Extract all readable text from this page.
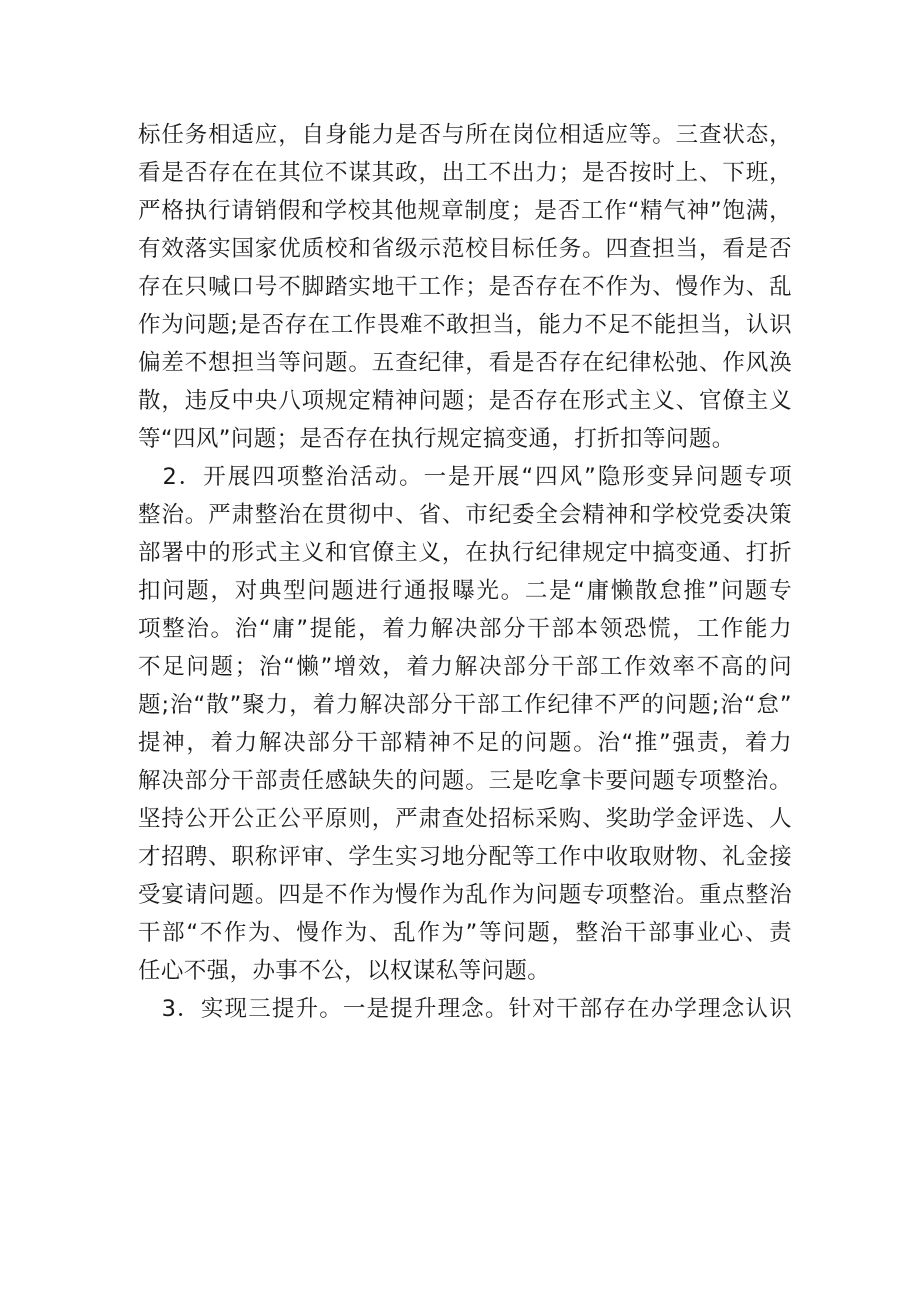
标任务相适应，自身能力是否与所在岗位相适应等。三查状态，
看是否存在在其位不谋其政，出工不出力；是否按时上、下班，
严格执行请销假和学校其他规章制度；是否工作“精气神”饱满，
有效落实国家优质校和省级示范校目标任务。四查担当，看是否
存在只喊口号不脚踏实地干工作；是否存在不作为、慢作为、乱
作为问题;是否存在工作畏难不敢担当，能力不足不能担当，认识
偏差不想担当等问题。五查纪律，看是否存在纪律松弛、作风涣
散，违反中央八项规定精神问题；是否存在形式主义、官僚主义
等“四风”问题；是否存在执行规定搞变通，打折扣等问题。
　2．开展四项整治活动。一是开展“四风”隐形变异问题专项
整治。严肃整治在贯彻中、省、市纪委全会精神和学校党委决策
部署中的形式主义和官僚主义，在执行纪律规定中搞变通、打折
扣问题，对典型问题进行通报曝光。二是“庸懒散怠推”问题专
项整治。治“庸”提能，着力解决部分干部本领恐慌，工作能力
不足问题；治“懒”增效，着力解决部分干部工作效率不高的问
题;治“散”聚力，着力解决部分干部工作纪律不严的问题;治“怠”
提神，着力解决部分干部精神不足的问题。治“推”强责，着力
解决部分干部责任感缺失的问题。三是吃拿卡要问题专项整治。
坚持公开公正公平原则，严肃查处招标采购、奖助学金评选、人
才招聘、职称评审、学生实习地分配等工作中收取财物、礼金接
受宴请问题。四是不作为慢作为乱作为问题专项整治。重点整治
干部“不作为、慢作为、乱作为”等问题，整治干部事业心、责
任心不强，办事不公，以权谋私等问题。
　3．实现三提升。一是提升理念。针对干部存在办学理念认识
